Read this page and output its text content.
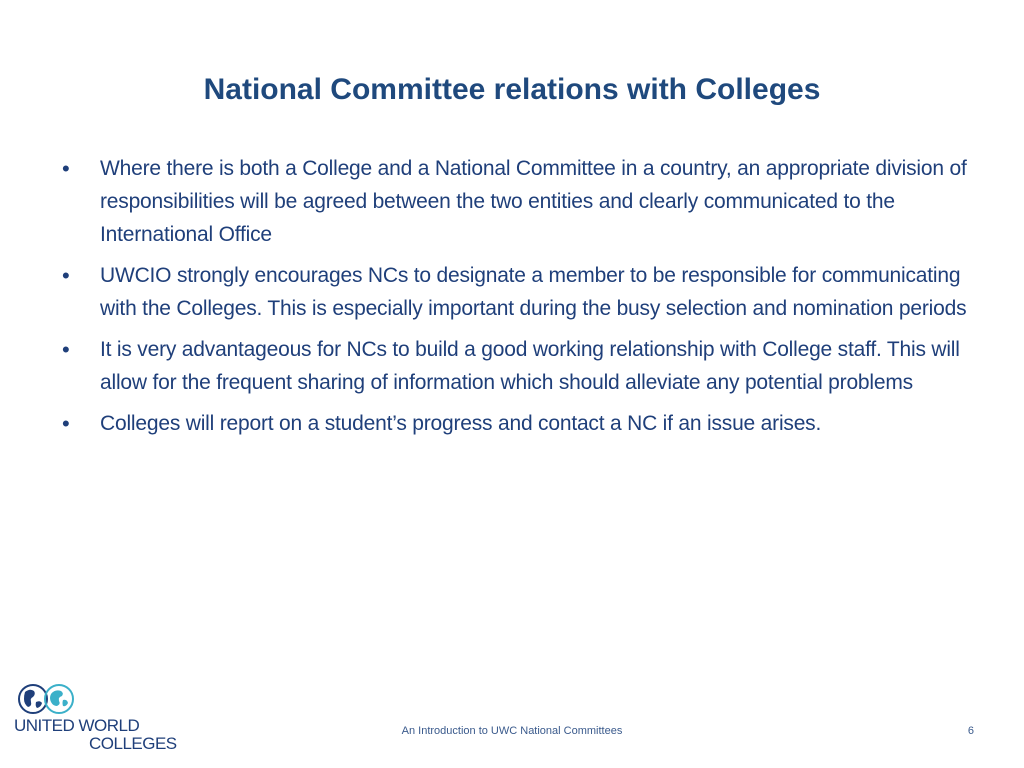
National Committee relations with Colleges
•	Where there is both a College and a National Committee in a country, an appropriate division of responsibilities will be agreed between the two entities and clearly communicated to the International Office
•	UWCIO strongly encourages NCs to designate a member to be responsible for communicating with the Colleges. This is especially important during the busy selection and nomination periods
•	It is very advantageous for NCs to build a good working relationship with College staff. This will allow for the frequent sharing of information which should alleviate any potential problems
•	Colleges will report on a student’s progress and contact a NC if an issue arises.
UNITED WORLD
COLLEGES
An Introduction to UWC National Committees	6
